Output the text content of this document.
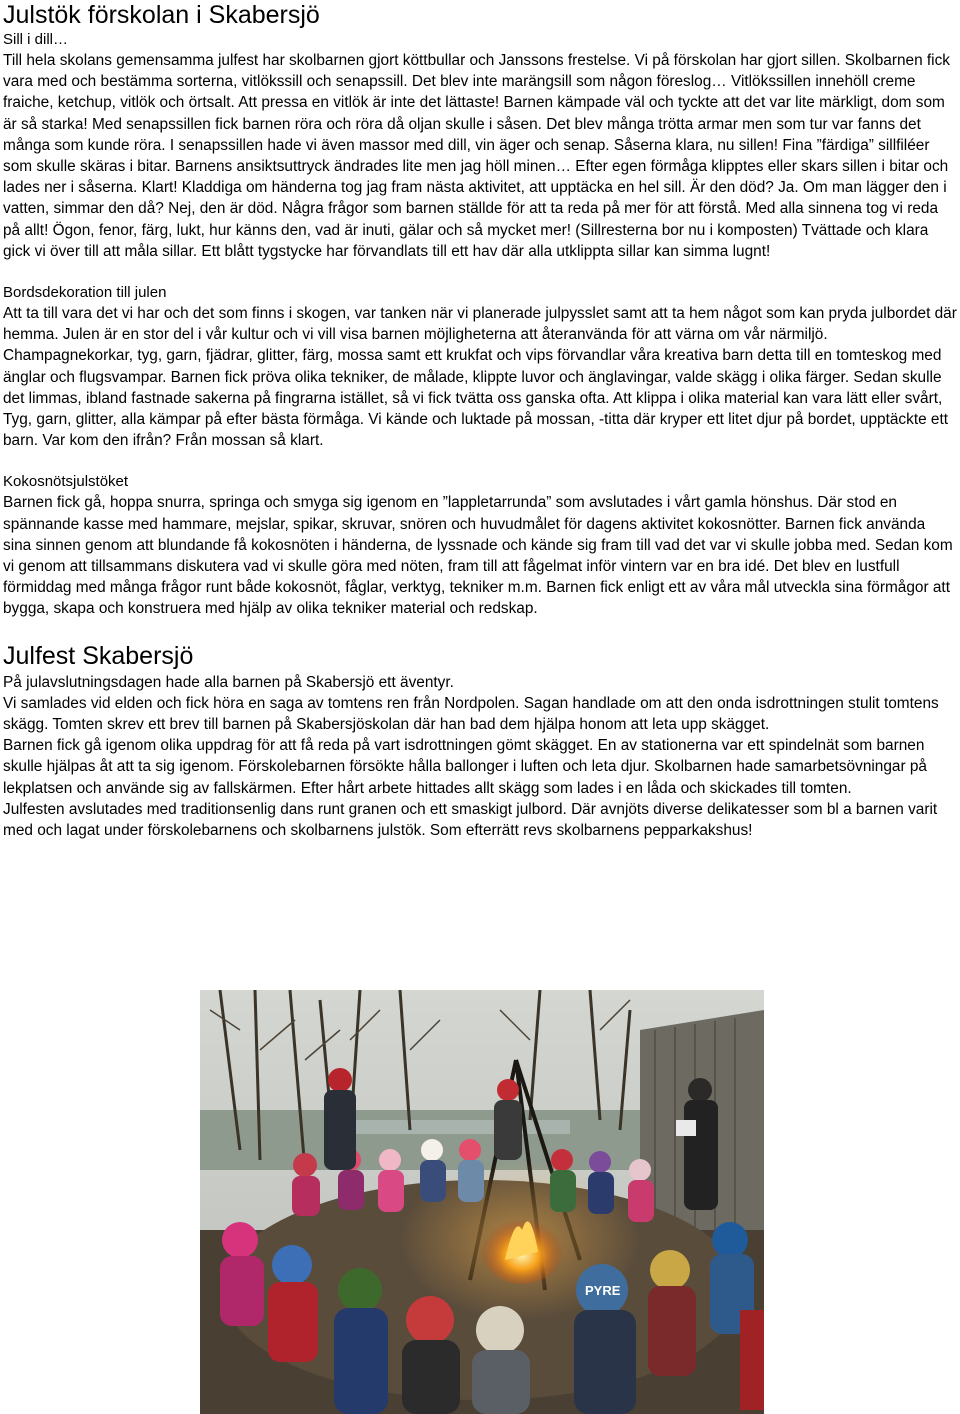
Julstök förskolan i Skabersjö
Sill i dill…

Till hela skolans gemensamma julfest har skolbarnen gjort köttbullar och Janssons frestelse. Vi på förskolan har gjort sillen. Skolbarnen fick vara med och bestämma sorterna, vitlökssill och senapssill. Det blev inte marängsill som någon föreslog… Vitlökssillen innehöll creme fraiche, ketchup, vitlök och örtsalt. Att pressa en vitlök är inte det lättaste! Barnen kämpade väl och tyckte att det var lite märkligt, dom som är så starka! Med senapssillen fick barnen röra och röra då oljan skulle i såsen. Det blev många trötta armar men som tur var fanns det många som kunde röra. I senapssillen hade vi även massor med dill, vin äger och senap. Såserna klara, nu sillen! Fina ”färdiga” sillfiléer som skulle skäras i bitar. Barnens ansiktsuttryck ändrades lite men jag höll minen… Efter egen förmåga klipptes eller skars sillen i bitar och lades ner i såserna. Klart! Kladdiga om händerna tog jag fram nästa aktivitet, att upptäcka en hel sill. Är den död? Ja. Om man lägger den i vatten, simmar den då? Nej, den är död. Några frågor som barnen ställde för att ta reda på mer för att förstå. Med alla sinnena tog vi reda på allt! Ögon, fenor, färg, lukt, hur känns den, vad är inuti, gälar och så mycket mer! (Sillresterna bor nu i komposten) Tvättade och klara gick vi över till att måla sillar. Ett blått tygstycke har förvandlats till ett hav där alla utklippta sillar kan simma lugnt!

Bordsdekoration till julen

Att ta till vara det vi har och det som finns i skogen, var tanken när vi planerade julpysslet samt att ta hem något som kan pryda julbordet där hemma. Julen är en stor del i vår kultur och vi vill visa barnen möjligheterna att återanvända för att värna om vår närmiljö. Champagnekorkar, tyg, garn, fjädrar, glitter, färg, mossa samt ett krukfat och vips förvandlar våra kreativa barn detta till en tomteskog med änglar och flugsvampar. Barnen fick pröva olika tekniker, de målade, klippte luvor och änglavingar, valde skägg i olika färger. Sedan skulle det limmas, ibland fastnade sakerna på fingrarna istället, så vi fick tvätta oss ganska ofta. Att klippa i olika material kan vara lätt eller svårt, Tyg, garn, glitter, alla kämpar på efter bästa förmåga. Vi kände och luktade på mossan, -titta där kryper ett litet djur på bordet, upptäckte ett barn. Var kom den ifrån? Från mossan så klart.

Kokosnötsjulstöket

Barnen fick gå, hoppa snurra, springa och smyga sig igenom en ”lappletarrunda” som avslutades i vårt gamla hönshus. Där stod en spännande kasse med hammare, mejslar, spikar, skruvar, snören och huvudmålet för dagens aktivitet kokosnötter. Barnen fick använda sina sinnen genom att blundande få kokosnöten i händerna, de lyssnade och kände sig fram till vad det var vi skulle jobba med. Sedan kom vi genom att tillsammans diskutera vad vi skulle göra med nöten, fram till att fågelmat inför vintern var en bra idé. Det blev en lustfull förmiddag med många frågor runt både kokosnöt, fåglar, verktyg, tekniker m.m. Barnen fick enligt ett av våra mål utveckla sina förmågor att bygga, skapa och konstruera med hjälp av olika tekniker material och redskap.

Julfest Skabersjö

På julavslutningsdagen hade alla barnen på Skabersjö ett äventyr.

Vi samlades vid elden och fick höra en saga av tomtens ren från Nordpolen. Sagan handlade om att den onda isdrottningen stulit tomtens skägg. Tomten skrev ett brev till barnen på Skabersjöskolan där han bad dem hjälpa honom att leta upp skägget.

Barnen fick gå igenom olika uppdrag för att få reda på vart isdrottningen gömt skägget. En av stationerna var ett spindelnät som barnen skulle hjälpas åt att ta sig igenom. Förskolebarnen försökte hålla ballonger i luften och leta djur. Skolbarnen hade samarbetsövningar på lekplatsen och använde sig av fallskärmen. Efter hårt arbete hittades allt skägg som lades i en låda och skickades till tomten.

Julfesten avslutades med traditionsenlig dans runt granen och ett smaskigt julbord. Där avnjöts diverse delikatesser som bl a barnen varit med och lagat under förskolebarnens och skolbarnens julstök. Som efterrätt revs skolbarnens pepparkakshus!

PYRE
